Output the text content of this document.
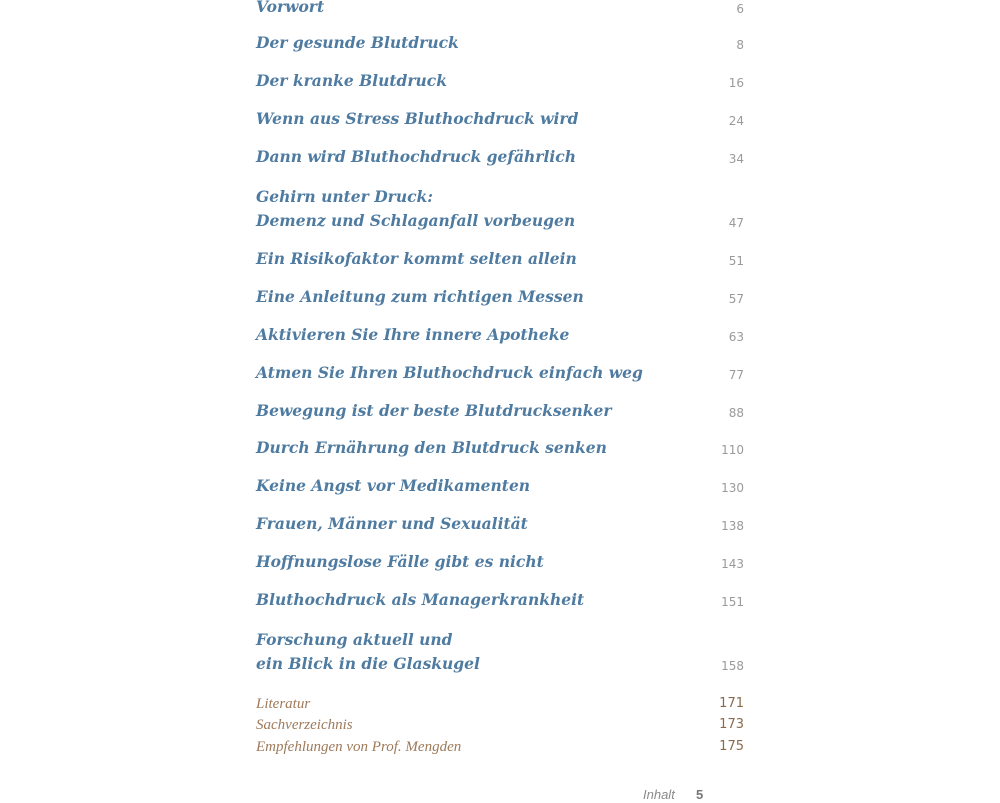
Vorwort	6
Der gesunde Blutdruck	8
Der kranke Blutdruck	16
Wenn aus Stress Bluthochdruck wird	24
Dann wird Bluthochdruck gefährlich	34
Gehirn unter Druck:
Demenz und Schlaganfall vorbeugen	47
Ein Risikofaktor kommt selten allein	51
Eine Anleitung zum richtigen Messen	57
Aktivieren Sie Ihre innere Apotheke	63
Atmen Sie Ihren Bluthochdruck einfach weg	77
Bewegung ist der beste Blutdrucksenker	88
Durch Ernährung den Blutdruck senken	110
Keine Angst vor Medikamenten	130
Frauen, Männer und Sexualität	138
Hoffnungslose Fälle gibt es nicht	143
Bluthochdruck als Managerkrankheit	151
Forschung aktuell und
ein Blick in die Glaskugel	158
Literatur	171
Sachverzeichnis	173
Empfehlungen von Prof. Mengden	175
Inhalt 5
